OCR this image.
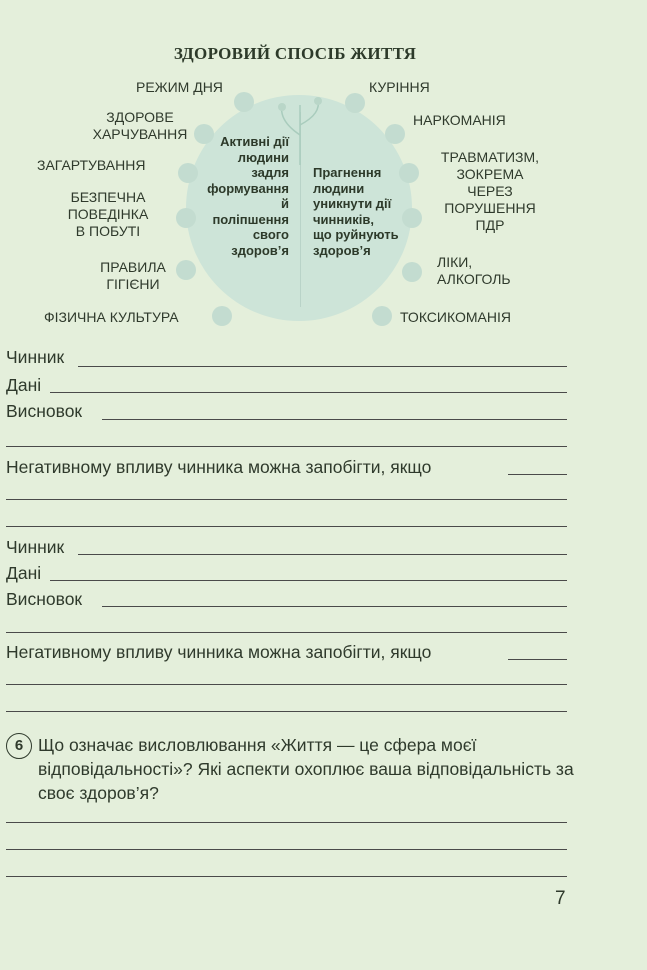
ЗДОРОВИЙ СПОСІБ ЖИТТЯ
РЕЖИМ ДНЯ
ЗДОРОВЕ
ХАРЧУВАННЯ
ЗАГАРТУВАННЯ
БЕЗПЕЧНА
ПОВЕДІНКА
В ПОБУТІ
ПРАВИЛА
ГІГІЄНИ
ФІЗИЧНА КУЛЬТУРА
КУРІННЯ
НАРКОМАНІЯ
ТРАВМАТИЗМ,
ЗОКРЕМА
ЧЕРЕЗ
ПОРУШЕННЯ
ПДР
ЛІКИ,
АЛКОГОЛЬ
ТОКСИКОМАНІЯ
Активні дії
людини
задля
формування
й
поліпшення
свого
здоров’я
Прагнення
людини
уникнути дії
чинників,
що руйнують
здоров’я
Чинник
Дані
Висновок
Негативному впливу чинника можна запобігти, якщо
Чинник
Дані
Висновок
Негативному впливу чинника можна запобігти, якщо
6 Що означає висловлювання «Життя — це сфера моєї відповідальності»? Які аспекти охоплює ваша відповідальність за своє здоров’я?
7
